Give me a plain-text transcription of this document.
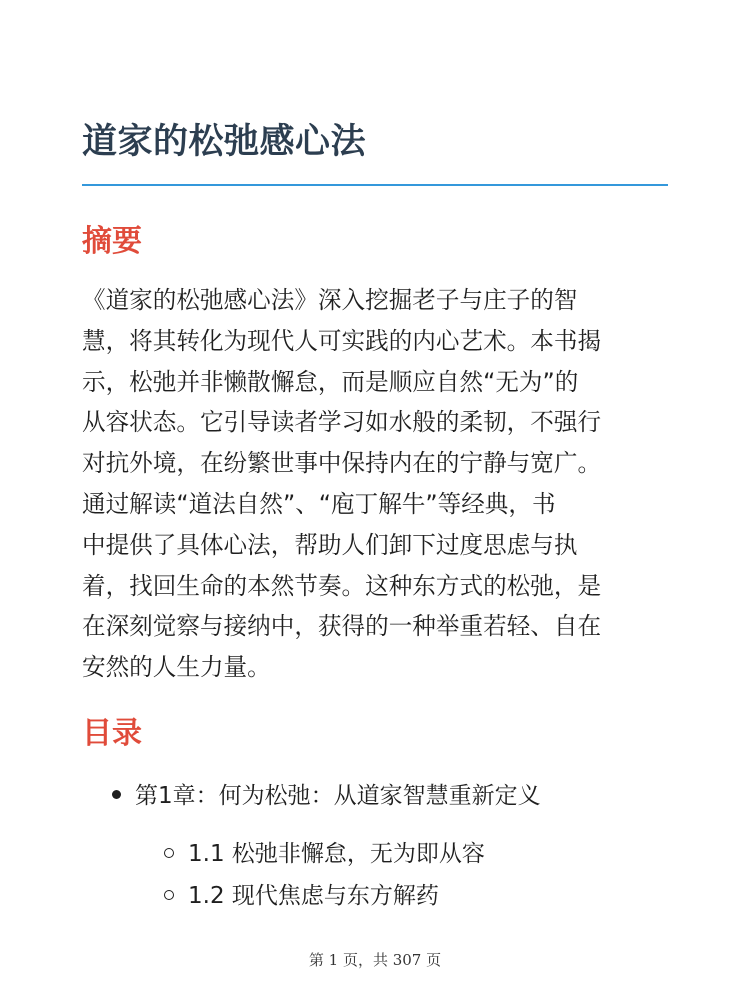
道家的松弛感心法
摘要

《道家的松弛感心法》深入挖掘老子与庄子的智
慧，将其转化为现代人可实践的内心艺术。本书揭
示，松弛并非懒散懈怠，而是顺应自然“无为”的
从容状态。它引导读者学习如水般的柔韧，不强行
对抗外境，在纷繁世事中保持内在的宁静与宽广。
通过解读“道法自然”、“庖丁解牛”等经典，书
中提供了具体心法，帮助人们卸下过度思虑与执
着，找回生命的本然节奏。这种东方式的松弛，是
在深刻觉察与接纳中，获得的一种举重若轻、自在
安然的人生力量。

目录
第1章：何为松弛：从道家智慧重新定义
1.1 松弛非懈怠，无为即从容
1.2 现代焦虑与东方解药
第 1 页，共 307 页
